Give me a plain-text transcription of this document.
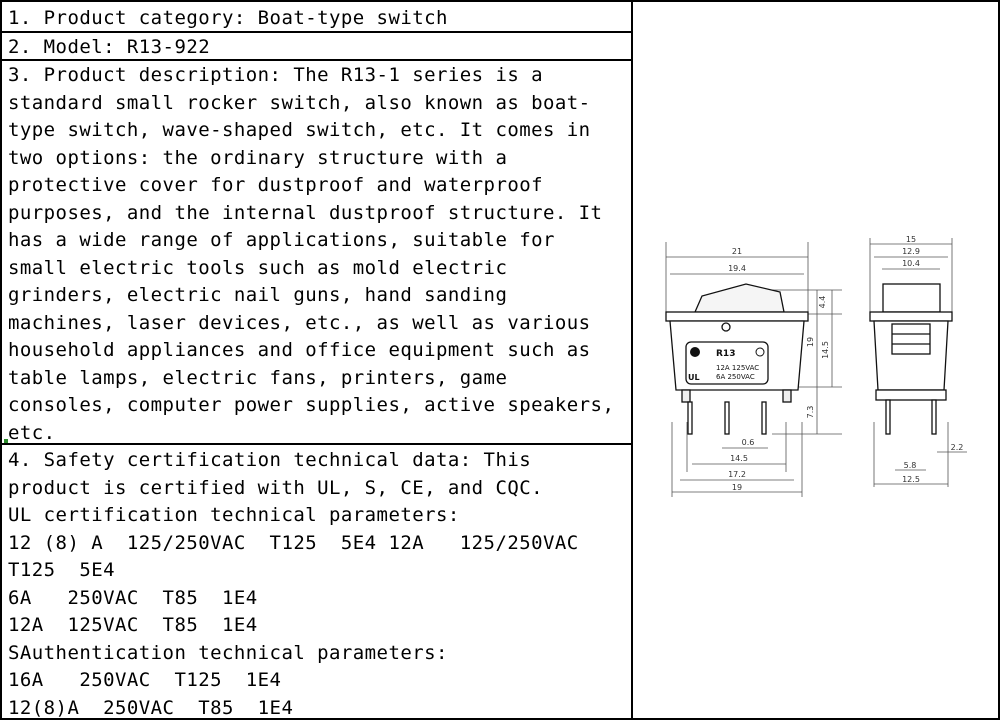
1. Product category: Boat-type switch
2. Model: R13-922
3. Product description: The R13-1 series is a
standard small rocker switch, also known as boat-
type switch, wave-shaped switch, etc. It comes in
two options: the ordinary structure with a
protective cover for dustproof and waterproof
purposes, and the internal dustproof structure. It
has a wide range of applications, suitable for
small electric tools such as mold electric
grinders, electric nail guns, hand sanding
machines, laser devices, etc., as well as various
household appliances and office equipment such as
table lamps, electric fans, printers, game
consoles, computer power supplies, active speakers,
etc.
4. Safety certification technical data: This
product is certified with UL, S, CE, and CQC.
UL certification technical parameters:
12 (8) A  125/250VAC  T125  5E4 12A   125/250VAC
T125  5E4
6A   250VAC  T85  1E4
12A  125VAC  T85  1E4
SAuthentication technical parameters:
16A   250VAC  T125  1E4
12(8)A  250VAC  T85  1E4
R13
12A 125VAC
6A 250VAC
UL
21
19.4
4.4
19 14.5
7.3
0.6
14.5
17.2
19
15
12.9
10.4
2.2
5.8
12.5
